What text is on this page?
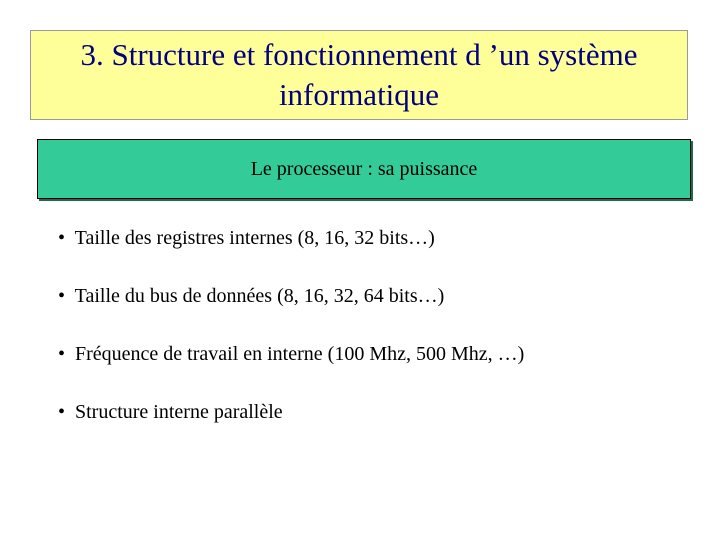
3. Structure et fonctionnement d ’un système informatique
Le processeur : sa puissance
• Taille des registres internes (8, 16, 32 bits…)
• Taille du bus de données (8, 16, 32, 64 bits…)
• Fréquence de travail en interne (100 Mhz, 500 Mhz, …)
• Structure interne parallèle
